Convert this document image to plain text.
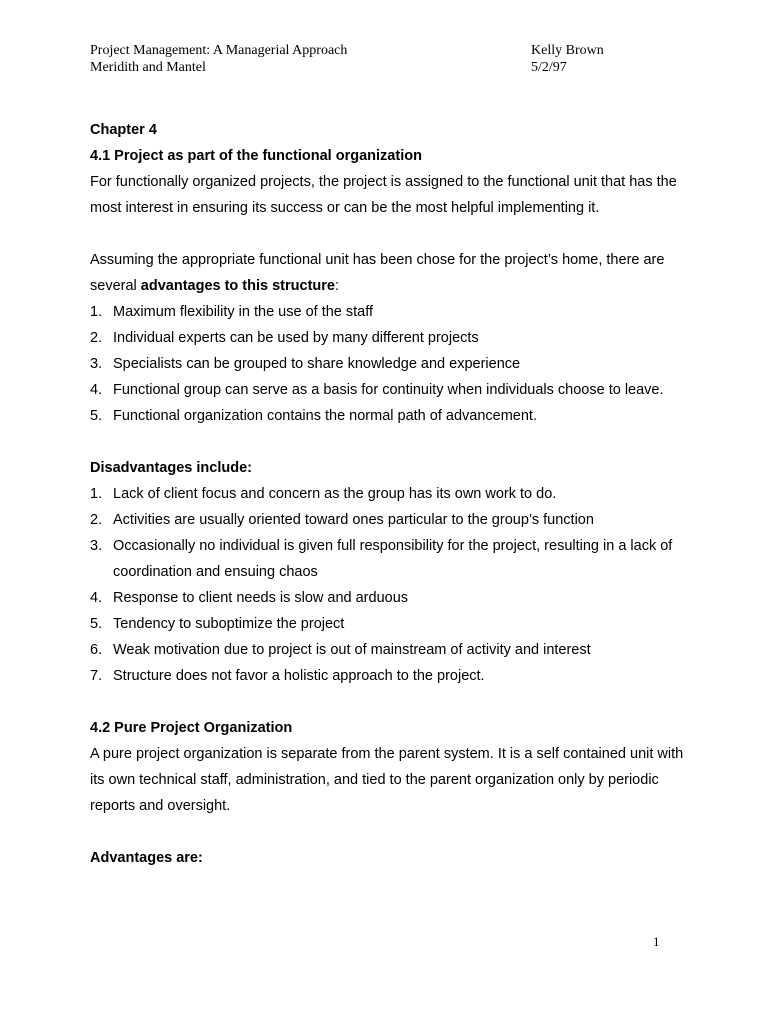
Project Management: A Managerial Approach	Kelly Brown
Meridith and Mantel	5/2/97

Chapter 4

4.1 Project as part of the functional organization

For functionally organized projects, the project is assigned to the functional unit that has the most interest in ensuring its success or can be the most helpful implementing it.

Assuming the appropriate functional unit has been chose for the project’s home, there are several advantages to this structure:

1. Maximum flexibility in the use of the staff
2. Individual experts can be used by many different projects
3. Specialists can be grouped to share knowledge and experience
4. Functional group can serve as a basis for continuity when individuals choose to leave.
5. Functional organization contains the normal path of advancement.

Disadvantages include:

1. Lack of client focus and concern as the group has its own work to do.
2. Activities are usually oriented toward ones particular to the group’s function
3. Occasionally no individual is given full responsibility for the project, resulting in a lack of coordination and ensuing chaos
4. Response to client needs is slow and arduous
5. Tendency to suboptimize the project
6. Weak motivation due to project is out of mainstream of activity and interest
7. Structure does not favor a holistic approach to the project.

4.2 Pure Project Organization

A pure project organization is separate from the parent system. It is a self contained unit with its own technical staff, administration, and tied to the parent organization only by periodic reports and oversight.

Advantages are:

1
